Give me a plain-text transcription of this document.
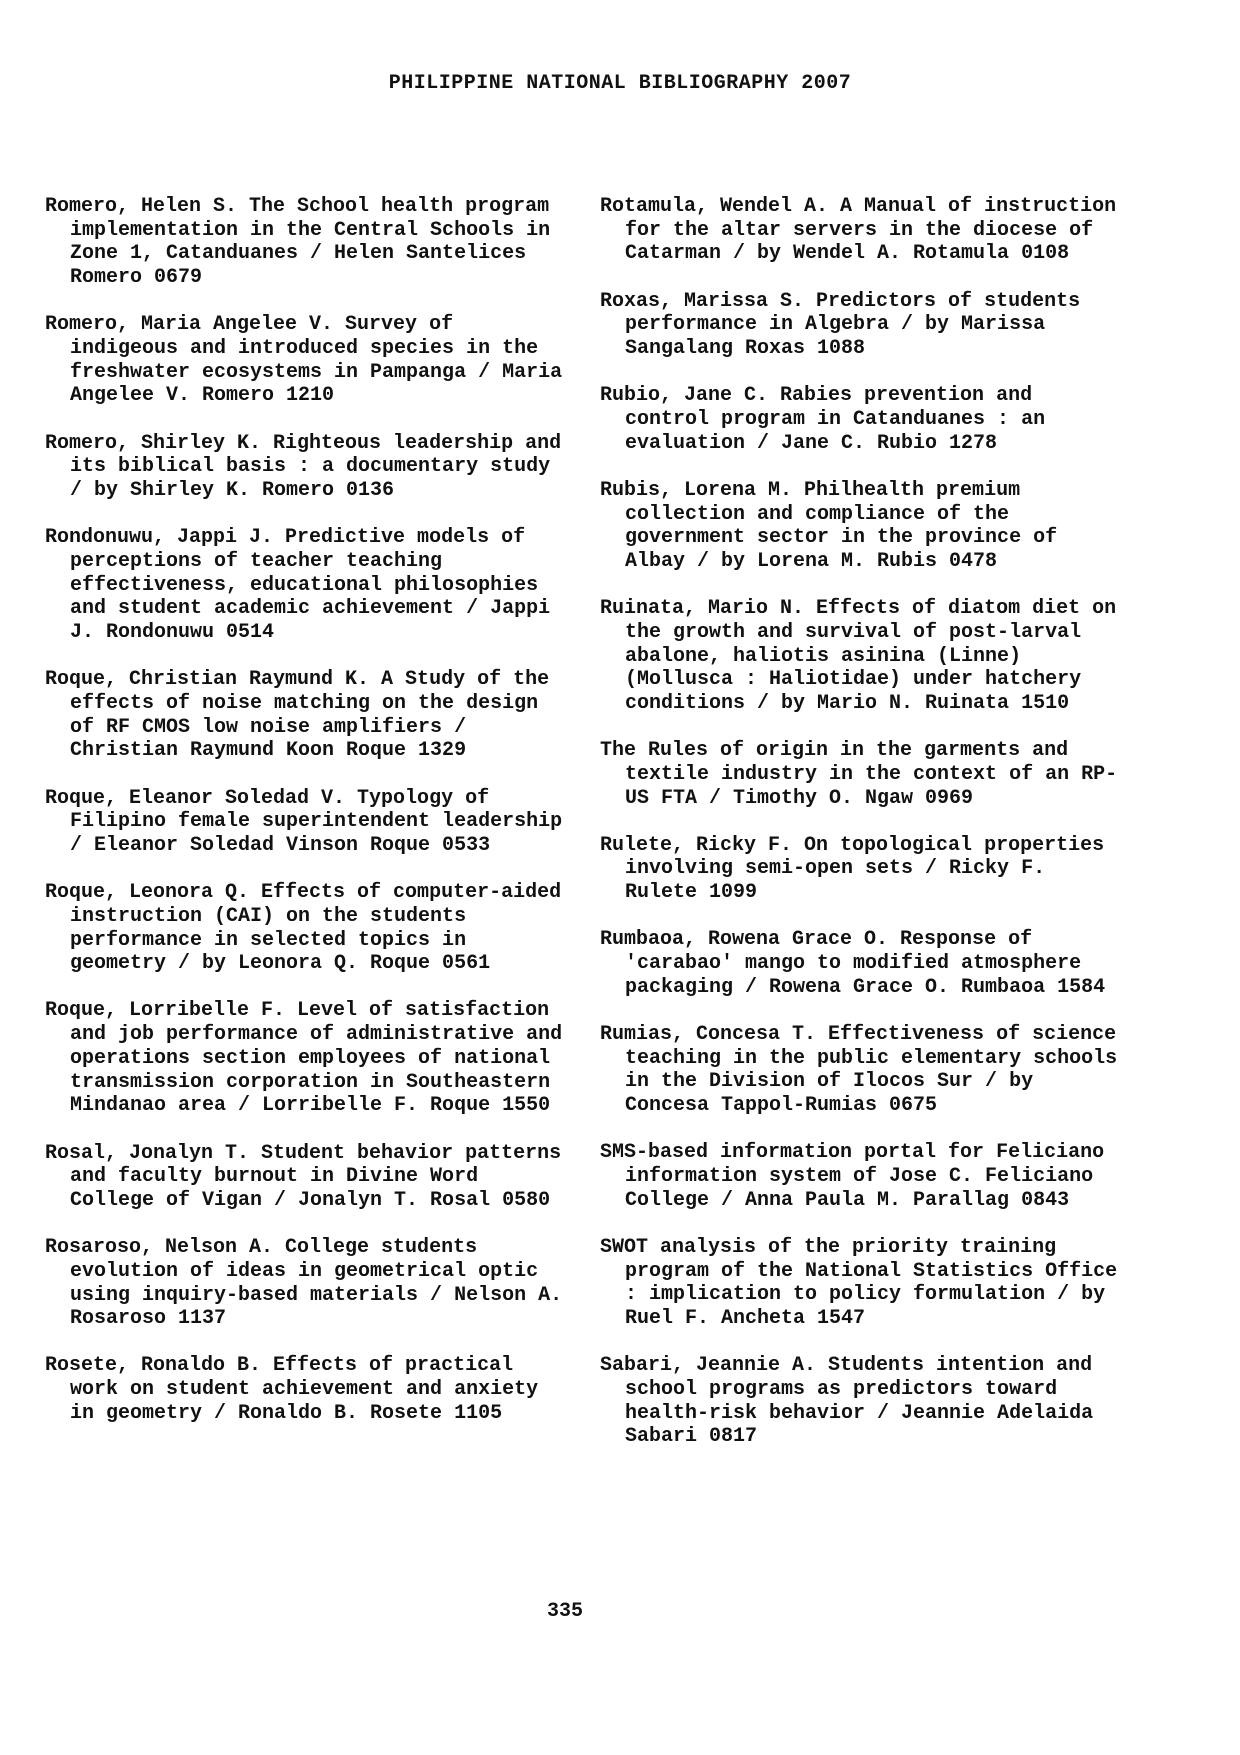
PHILIPPINE NATIONAL BIBLIOGRAPHY 2007

Romero, Helen S. The School health program implementation in the Central Schools in Zone 1, Catanduanes / Helen Santelices Romero 0679

Romero, Maria Angelee V. Survey of indigeous and introduced species in the freshwater ecosystems in Pampanga / Maria Angelee V. Romero 1210

Romero, Shirley K. Righteous leadership and its biblical basis : a documentary study / by Shirley K. Romero 0136

Rondonuwu, Jappi J. Predictive models of perceptions of teacher teaching effectiveness, educational philosophies and student academic achievement / Jappi J. Rondonuwu 0514

Roque, Christian Raymund K. A Study of the effects of noise matching on the design of RF CMOS low noise amplifiers / Christian Raymund Koon Roque 1329

Roque, Eleanor Soledad V. Typology of Filipino female superintendent leadership / Eleanor Soledad Vinson Roque 0533

Roque, Leonora Q. Effects of computer-aided instruction (CAI) on the students performance in selected topics in geometry / by Leonora Q. Roque 0561

Roque, Lorribelle F. Level of satisfaction and job performance of administrative and operations section employees of national transmission corporation in Southeastern Mindanao area / Lorribelle F. Roque 1550

Rosal, Jonalyn T. Student behavior patterns and faculty burnout in Divine Word College of Vigan / Jonalyn T. Rosal 0580

Rosaroso, Nelson A. College students evolution of ideas in geometrical optic using inquiry-based materials / Nelson A. Rosaroso 1137

Rosete, Ronaldo B. Effects of practical work on student achievement and anxiety in geometry / Ronaldo B. Rosete 1105

Rotamula, Wendel A. A Manual of instruction for the altar servers in the diocese of Catarman / by Wendel A. Rotamula 0108

Roxas, Marissa S. Predictors of students performance in Algebra / by Marissa Sangalang Roxas 1088

Rubio, Jane C. Rabies prevention and control program in Catanduanes : an evaluation / Jane C. Rubio 1278

Rubis, Lorena M. Philhealth premium collection and compliance of the government sector in the province of Albay / by Lorena M. Rubis 0478

Ruinata, Mario N. Effects of diatom diet on the growth and survival of post-larval abalone, haliotis asinina (Linne) (Mollusca : Haliotidae) under hatchery conditions / by Mario N. Ruinata 1510

The Rules of origin in the garments and textile industry in the context of an RP-US FTA / Timothy O. Ngaw 0969

Rulete, Ricky F. On topological properties involving semi-open sets / Ricky F. Rulete 1099

Rumbaoa, Rowena Grace O. Response of 'carabao' mango to modified atmosphere packaging / Rowena Grace O. Rumbaoa 1584

Rumias, Concesa T. Effectiveness of science teaching in the public elementary schools in the Division of Ilocos Sur / by Concesa Tappol-Rumias 0675

SMS-based information portal for Feliciano information system of Jose C. Feliciano College / Anna Paula M. Parallag 0843

SWOT analysis of the priority training program of the National Statistics Office : implication to policy formulation / by Ruel F. Ancheta 1547

Sabari, Jeannie A. Students intention and school programs as predictors toward health-risk behavior / Jeannie Adelaida Sabari 0817

335
